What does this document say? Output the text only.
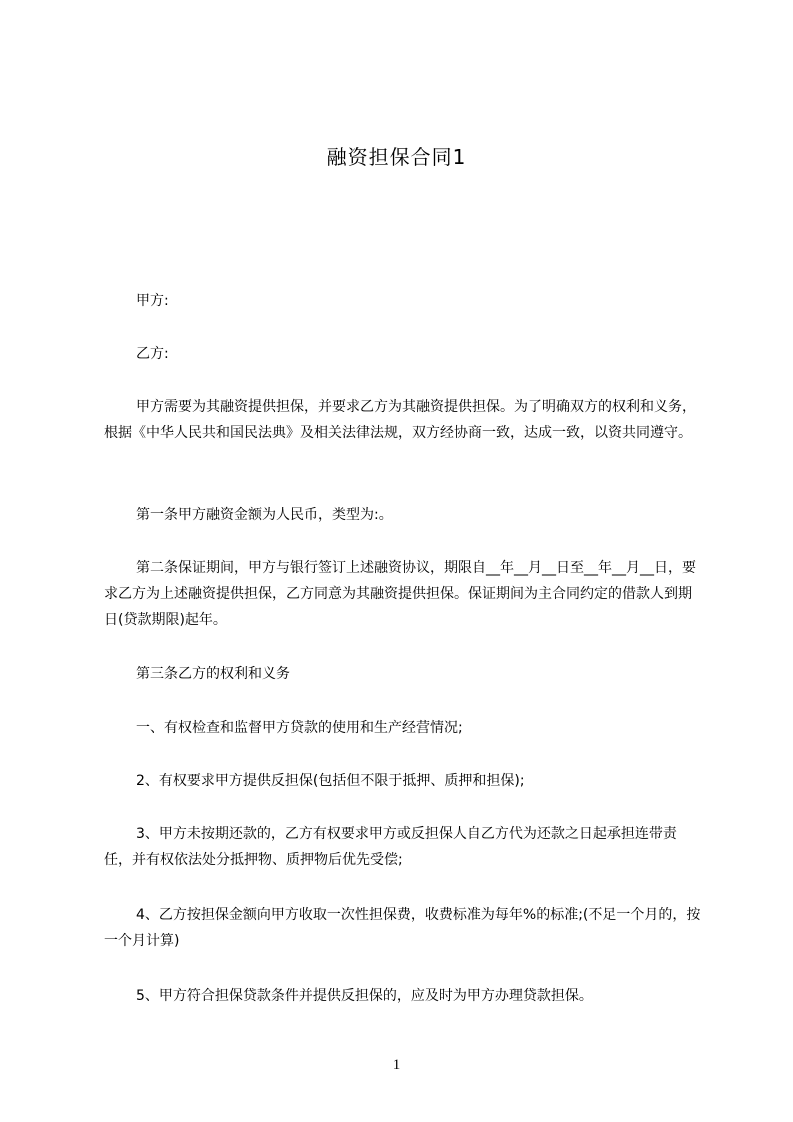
融资担保合同1

甲方:

乙方:

甲方需要为其融资提供担保，并要求乙方为其融资提供担保。为了明确双方的权利和义务，根据《中华人民共和国民法典》及相关法律法规，双方经协商一致，达成一致，以资共同遵守。

第一条甲方融资金额为人民币，类型为:。

第二条保证期间，甲方与银行签订上述融资协议，期限自__年__月__日至__年__月__日，要求乙方为上述融资提供担保，乙方同意为其融资提供担保。保证期间为主合同约定的借款人到期日(贷款期限)起年。

第三条乙方的权利和义务

一、有权检查和监督甲方贷款的使用和生产经营情况;

2、有权要求甲方提供反担保(包括但不限于抵押、质押和担保);

3、甲方未按期还款的，乙方有权要求甲方或反担保人自乙方代为还款之日起承担连带责任，并有权依法处分抵押物、质押物后优先受偿;

4、乙方按担保金额向甲方收取一次性担保费，收费标准为每年%的标准;(不足一个月的，按一个月计算)

5、甲方符合担保贷款条件并提供反担保的，应及时为甲方办理贷款担保。

1
